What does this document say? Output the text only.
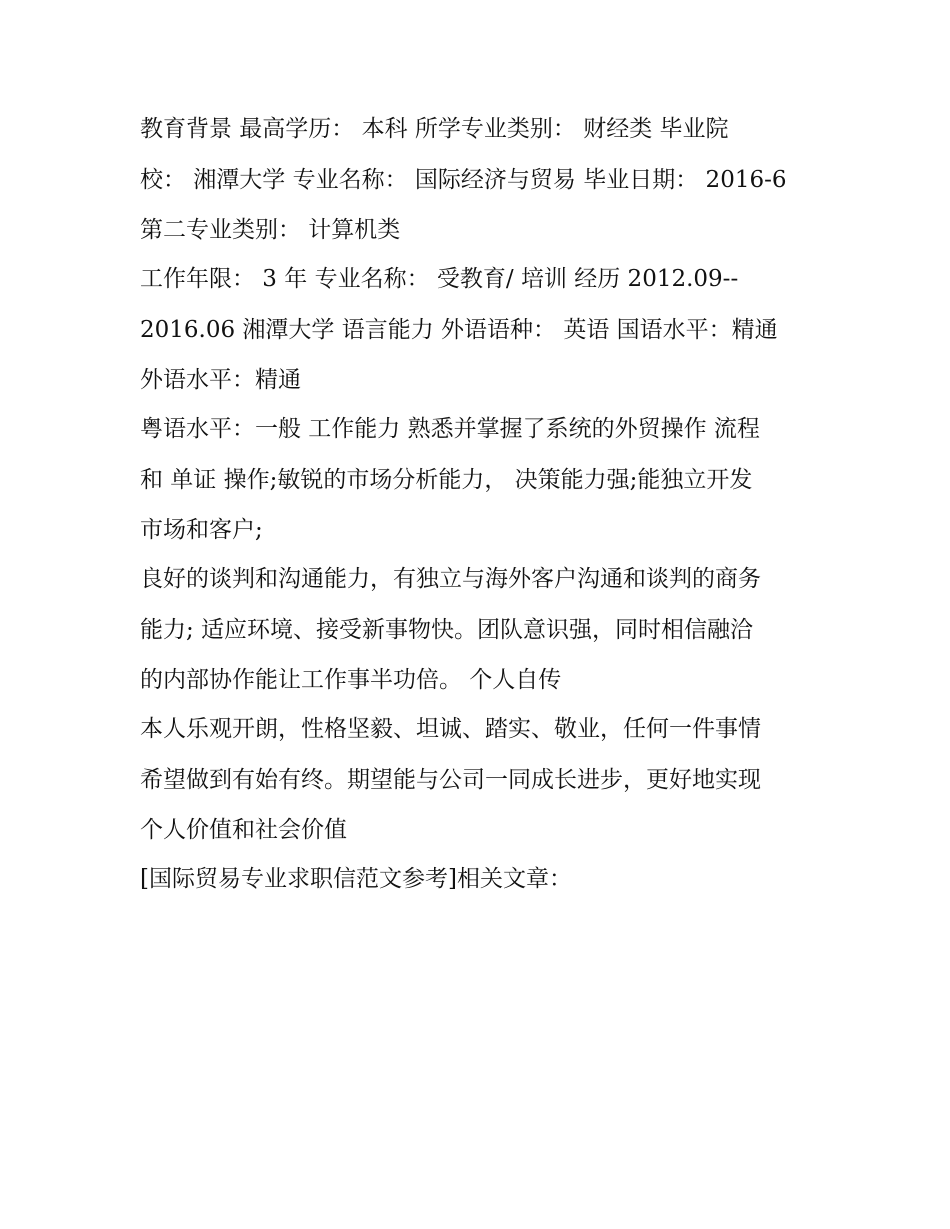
教育背景 最高学历： 本科 所学专业类别： 财经类 毕业院
校： 湘潭大学 专业名称： 国际经济与贸易 毕业日期： 2016-6
第二专业类别： 计算机类
工作年限： 3 年 专业名称： 受教育/ 培训 经历 2012.09--
2016.06 湘潭大学 语言能力 外语语种： 英语 国语水平：精通
外语水平：精通
粤语水平：一般 工作能力 熟悉并掌握了系统的外贸操作 流程
和 单证 操作;敏锐的市场分析能力， 决策能力强;能独立开发
市场和客户;
良好的谈判和沟通能力，有独立与海外客户沟通和谈判的商务
能力; 适应环境、接受新事物快。团队意识强，同时相信融洽
的内部协作能让工作事半功倍。 个人自传
本人乐观开朗，性格坚毅、坦诚、踏实、敬业，任何一件事情
希望做到有始有终。期望能与公司一同成长进步，更好地实现
个人价值和社会价值
[国际贸易专业求职信范文参考]相关文章：
